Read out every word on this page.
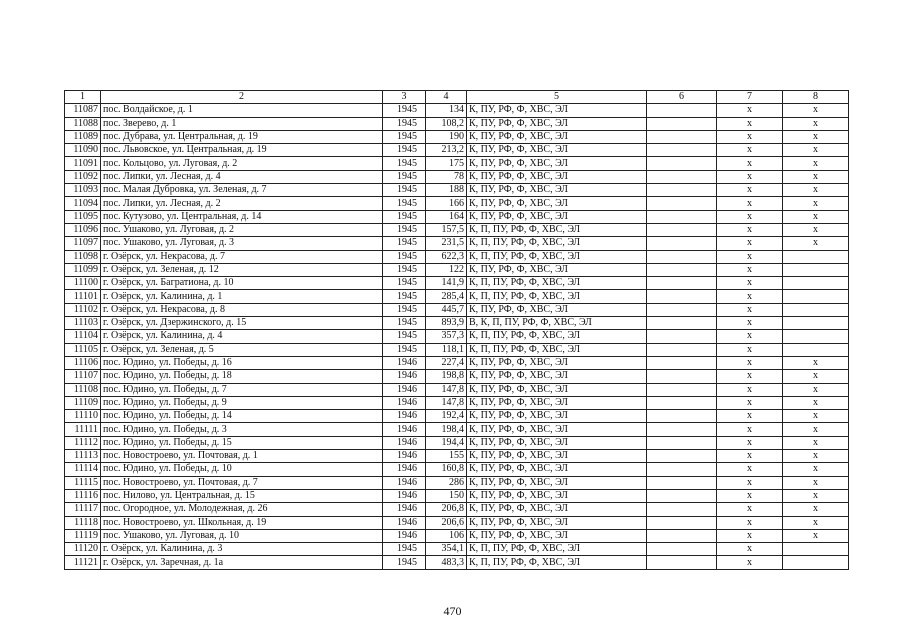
1	2	3	4	5	6	7	8
11087	пос. Волдайское, д. 1	1945	134	К, ПУ, РФ, Ф, ХВС, ЭЛ		х	х
11088	пос. Зверево, д. 1	1945	108,2	К, ПУ, РФ, Ф, ХВС, ЭЛ		х	х
11089	пос. Дубрава, ул. Центральная, д. 19	1945	190	К, ПУ, РФ, Ф, ХВС, ЭЛ		х	х
11090	пос. Львовское, ул. Центральная, д. 19	1945	213,2	К, ПУ, РФ, Ф, ХВС, ЭЛ		х	х
11091	пос. Кольцово, ул. Луговая, д. 2	1945	175	К, ПУ, РФ, Ф, ХВС, ЭЛ		х	х
11092	пос. Липки, ул. Лесная, д. 4	1945	78	К, ПУ, РФ, Ф, ХВС, ЭЛ		х	х
11093	пос. Малая Дубровка, ул. Зеленая, д. 7	1945	188	К, ПУ, РФ, Ф, ХВС, ЭЛ		х	х
11094	пос. Липки, ул. Лесная, д. 2	1945	166	К, ПУ, РФ, Ф, ХВС, ЭЛ		х	х
11095	пос. Кутузово, ул. Центральная, д. 14	1945	164	К, ПУ, РФ, Ф, ХВС, ЭЛ		х	х
11096	пос. Ушаково, ул. Луговая, д. 2	1945	157,5	К, П, ПУ, РФ, Ф, ХВС, ЭЛ		х	х
11097	пос. Ушаково, ул. Луговая, д. 3	1945	231,5	К, П, ПУ, РФ, Ф, ХВС, ЭЛ		х	х
11098	г. Озёрск, ул. Некрасова, д. 7	1945	622,3	К, П, ПУ, РФ, Ф, ХВС, ЭЛ		х	
11099	г. Озёрск, ул. Зеленая, д. 12	1945	122	К, ПУ, РФ, Ф, ХВС, ЭЛ		х	
11100	г. Озёрск, ул. Багратиона, д. 10	1945	141,9	К, П, ПУ, РФ, Ф, ХВС, ЭЛ		х	
11101	г. Озёрск, ул. Калинина, д. 1	1945	285,4	К, П, ПУ, РФ, Ф, ХВС, ЭЛ		х	
11102	г. Озёрск, ул. Некрасова, д. 8	1945	445,7	К, ПУ, РФ, Ф, ХВС, ЭЛ		х	
11103	г. Озёрск, ул. Дзержинского, д. 15	1945	893,9	В, К, П, ПУ, РФ, Ф, ХВС, ЭЛ		х	
11104	г. Озёрск, ул. Калинина, д. 4	1945	357,3	К, П, ПУ, РФ, Ф, ХВС, ЭЛ		х	
11105	г. Озёрск, ул. Зеленая, д. 5	1945	118,1	К, П, ПУ, РФ, Ф, ХВС, ЭЛ		х	
11106	пос. Юдино, ул. Победы, д. 16	1946	227,4	К, ПУ, РФ, Ф, ХВС, ЭЛ		х	х
11107	пос. Юдино, ул. Победы, д. 18	1946	198,8	К, ПУ, РФ, Ф, ХВС, ЭЛ		х	х
11108	пос. Юдино, ул. Победы, д. 7	1946	147,8	К, ПУ, РФ, Ф, ХВС, ЭЛ		х	х
11109	пос. Юдино, ул. Победы, д. 9	1946	147,8	К, ПУ, РФ, Ф, ХВС, ЭЛ		х	х
11110	пос. Юдино, ул. Победы, д. 14	1946	192,4	К, ПУ, РФ, Ф, ХВС, ЭЛ		х	х
11111	пос. Юдино, ул. Победы, д. 3	1946	198,4	К, ПУ, РФ, Ф, ХВС, ЭЛ		х	х
11112	пос. Юдино, ул. Победы, д. 15	1946	194,4	К, ПУ, РФ, Ф, ХВС, ЭЛ		х	х
11113	пос. Новостроево, ул. Почтовая, д. 1	1946	155	К, ПУ, РФ, Ф, ХВС, ЭЛ		х	х
11114	пос. Юдино, ул. Победы, д. 10	1946	160,8	К, ПУ, РФ, Ф, ХВС, ЭЛ		х	х
11115	пос. Новостроево, ул. Почтовая, д. 7	1946	286	К, ПУ, РФ, Ф, ХВС, ЭЛ		х	х
11116	пос. Нилово, ул. Центральная, д. 15	1946	150	К, ПУ, РФ, Ф, ХВС, ЭЛ		х	х
11117	пос. Огородное, ул. Молодежная, д. 26	1946	206,8	К, ПУ, РФ, Ф, ХВС, ЭЛ		х	х
11118	пос. Новостроево, ул. Школьная, д. 19	1946	206,6	К, ПУ, РФ, Ф, ХВС, ЭЛ		х	х
11119	пос. Ушаково, ул. Луговая, д. 10	1946	106	К, ПУ, РФ, Ф, ХВС, ЭЛ		х	х
11120	г. Озёрск, ул. Калинина, д. 3	1945	354,1	К, П, ПУ, РФ, Ф, ХВС, ЭЛ		х	
11121	г. Озёрск, ул. Заречная, д. 1а	1945	483,3	К, П, ПУ, РФ, Ф, ХВС, ЭЛ		х	
470
